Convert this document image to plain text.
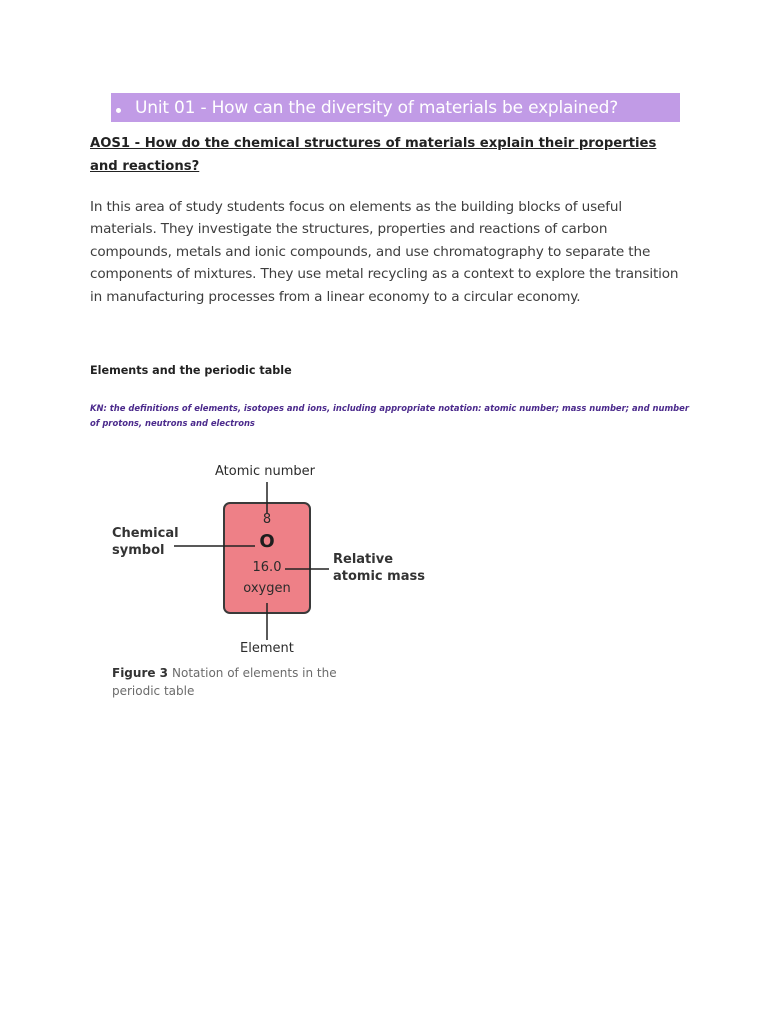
Unit 01 - How can the diversity of materials be explained?
AOS1 - How do the chemical structures of materials explain their properties and reactions?

In this area of study students focus on elements as the building blocks of useful materials. They investigate the structures, properties and reactions of carbon compounds, metals and ionic compounds, and use chromatography to separate the components of mixtures. They use metal recycling as a context to explore the transition in manufacturing processes from a linear economy to a circular economy.

Elements and the periodic table

KN: the definitions of elements, isotopes and ions, including appropriate notation: atomic number; mass number; and number of protons, neutrons and electrons

Atomic number
Chemical symbol
Relative atomic mass
Element
8
O
16.0
oxygen

Figure 3 Notation of elements in the periodic table
